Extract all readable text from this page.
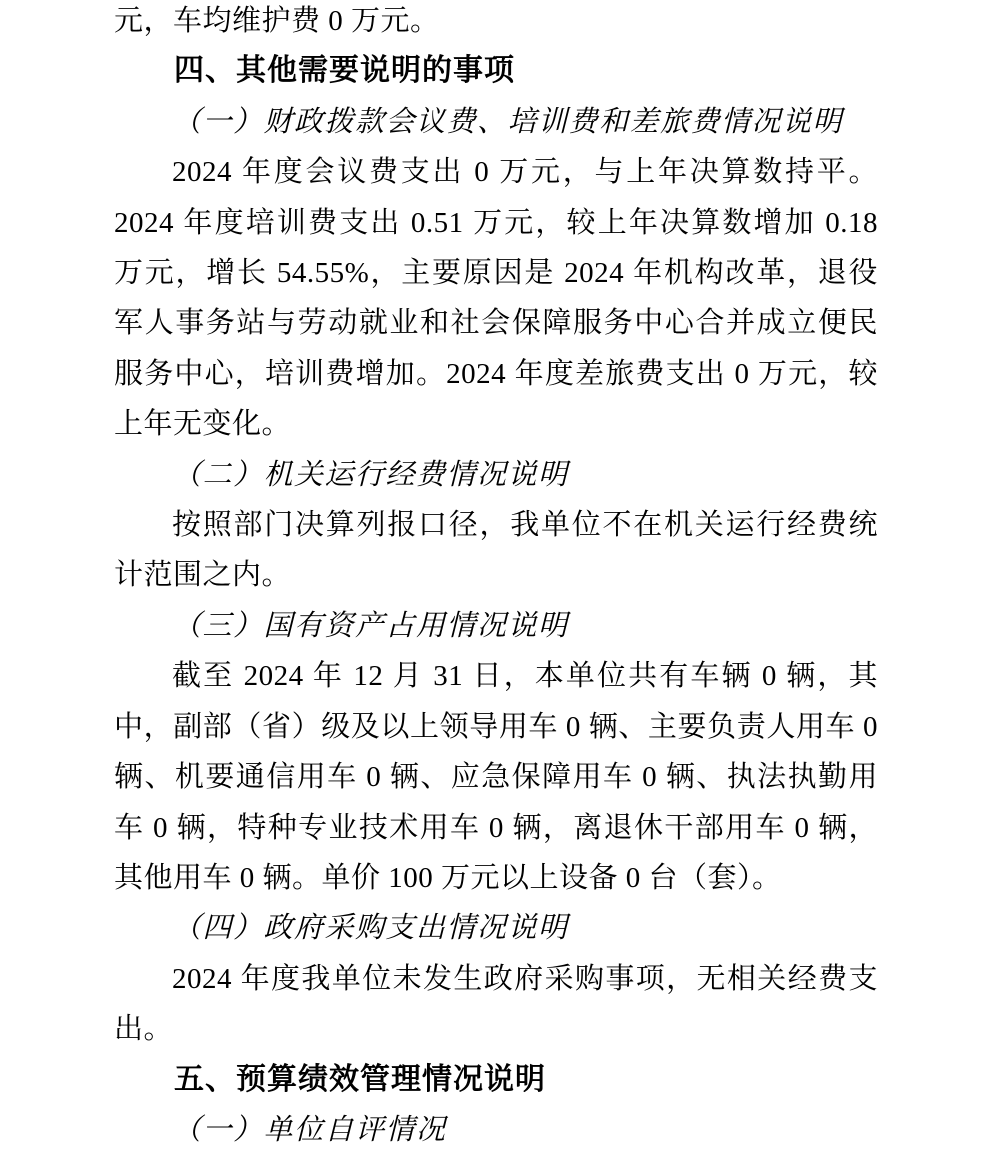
元，车均维护费 0 万元。

四、其他需要说明的事项

（一）财政拨款会议费、培训费和差旅费情况说明

2024 年度会议费支出 0 万元，与上年决算数持平。2024 年度培训费支出 0.51 万元，较上年决算数增加 0.18 万元，增长 54.55%，主要原因是 2024 年机构改革，退役军人事务站与劳动就业和社会保障服务中心合并成立便民服务中心，培训费增加。2024 年度差旅费支出 0 万元，较上年无变化。

（二）机关运行经费情况说明

按照部门决算列报口径，我单位不在机关运行经费统计范围之内。

（三）国有资产占用情况说明

截至 2024 年 12 月 31 日，本单位共有车辆 0 辆，其中，副部（省）级及以上领导用车 0 辆、主要负责人用车 0 辆、机要通信用车 0 辆、应急保障用车 0 辆、执法执勤用车 0 辆，特种专业技术用车 0 辆，离退休干部用车 0 辆，其他用车 0 辆。单价 100 万元以上设备 0 台（套）。

（四）政府采购支出情况说明

2024 年度我单位未发生政府采购事项，无相关经费支出。

五、预算绩效管理情况说明

（一）单位自评情况
